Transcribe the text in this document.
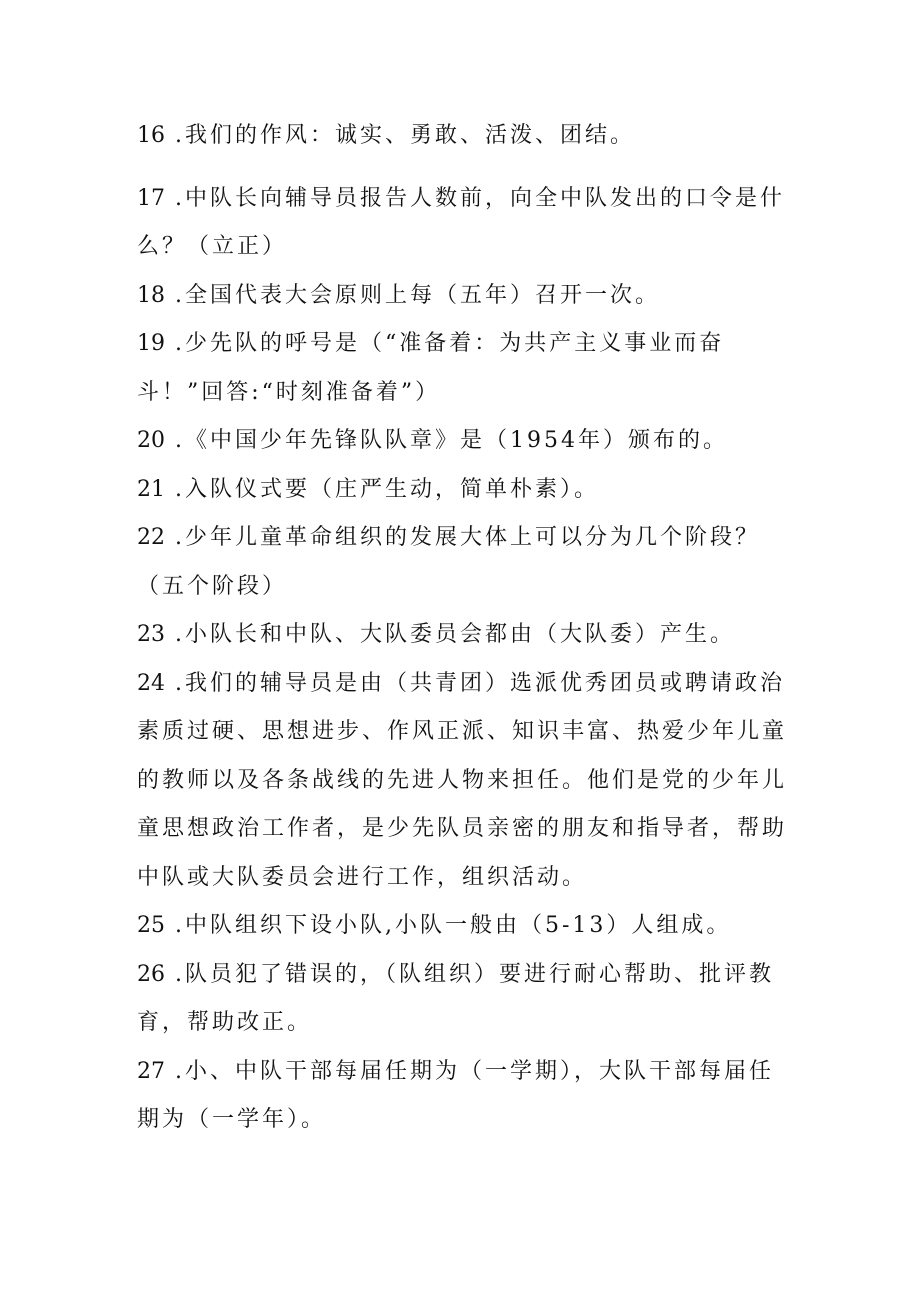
16 .我们的作风：诚实、勇敢、活泼、团结。

17 .中队长向辅导员报告人数前，向全中队发出的口令是什么？（立正）

18 .全国代表大会原则上每（五年）召开一次。

19 .少先队的呼号是（“准备着：为共产主义事业而奋斗！”回答:“时刻准备着”）

20 .《中国少年先锋队队章》是（1954年）颁布的。

21 .入队仪式要（庄严生动，简单朴素）。

22 .少年儿童革命组织的发展大体上可以分为几个阶段？（五个阶段）

23 .小队长和中队、大队委员会都由（大队委）产生。

24 .我们的辅导员是由（共青团）选派优秀团员或聘请政治素质过硬、思想进步、作风正派、知识丰富、热爱少年儿童的教师以及各条战线的先进人物来担任。他们是党的少年儿童思想政治工作者，是少先队员亲密的朋友和指导者，帮助中队或大队委员会进行工作，组织活动。

25 .中队组织下设小队,小队一般由（5-13）人组成。

26 .队员犯了错误的，（队组织）要进行耐心帮助、批评教育，帮助改正。

27 .小、中队干部每届任期为（一学期），大队干部每届任期为（一学年）。
